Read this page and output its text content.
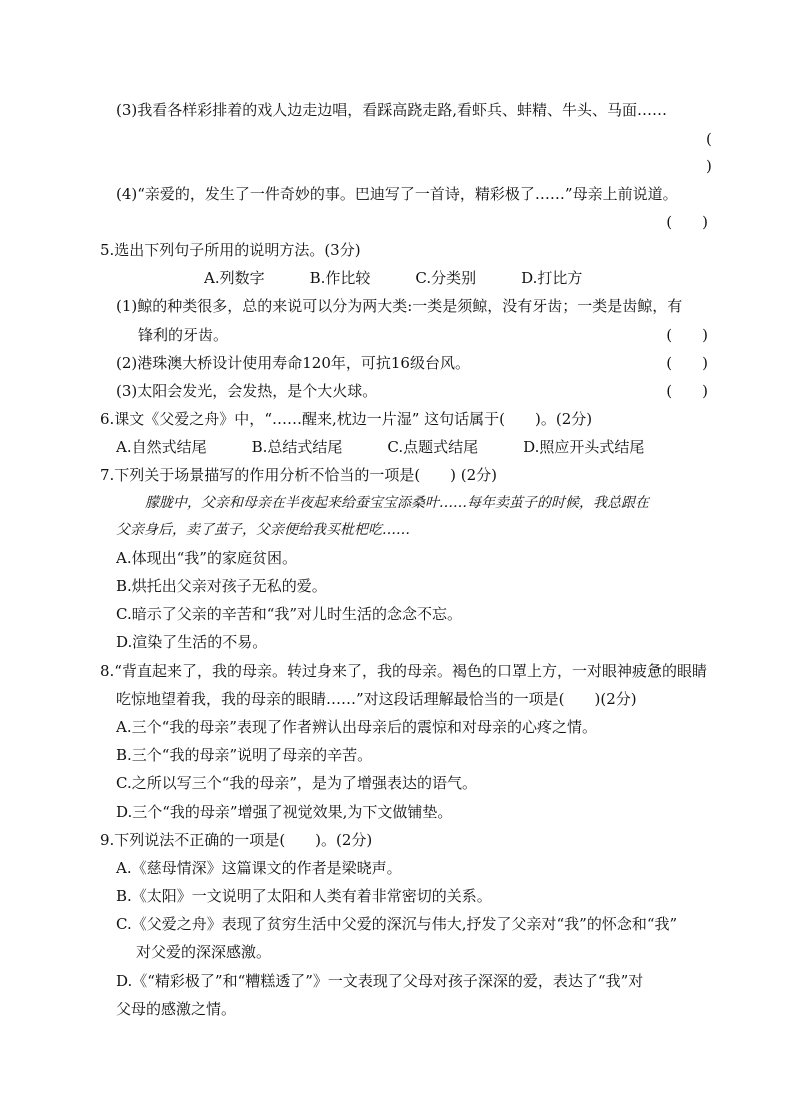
(3)我看各样彩排着的戏人边走边唱，看踩高跷走路,看虾兵、蚌精、牛头、马面……
(
)
(4)“亲爱的，发生了一件奇妙的事。巴迪写了一首诗，精彩极了……”母亲上前说道。
(　　)
5.选出下列句子所用的说明方法。(3分)
A.列数字　　　B.作比较　　　C.分类别　　　D.打比方
(1)鲸的种类很多，总的来说可以分为两大类:一类是须鲸，没有牙齿；一类是齿鲸，有
锋利的牙齿。	(　　)
(2)港珠澳大桥设计使用寿命120年，可抗16级台风。	(　　)
(3)太阳会发光，会发热，是个大火球。	(　　)
6.课文《父爱之舟》中，“……醒来,枕边一片湿” 这句话属于(　　)。(2分)
A.自然式结尾　　　B.总结式结尾　　　C.点题式结尾　　　D.照应开头式结尾
7.下列关于场景描写的作用分析不恰当的一项是(　　) (2分)
朦胧中，父亲和母亲在半夜起来给蚕宝宝添桑叶……每年卖茧子的时候，我总跟在
父亲身后，卖了茧子，父亲便给我买枇杷吃……
A.体现出“我”的家庭贫困。
B.烘托出父亲对孩子无私的爱。
C.暗示了父亲的辛苦和“我”对儿时生活的念念不忘。
D.渲染了生活的不易。
8.“背直起来了，我的母亲。转过身来了，我的母亲。褐色的口罩上方，一对眼神疲惫的眼睛
吃惊地望着我，我的母亲的眼睛……”对这段话理解最恰当的一项是(　　)(2分)
A.三个“我的母亲”表现了作者辨认出母亲后的震惊和对母亲的心疼之情。
B.三个“我的母亲”说明了母亲的辛苦。
C.之所以写三个“我的母亲”，是为了增强表达的语气。
D.三个“我的母亲”增强了视觉效果,为下文做铺垫。
9.下列说法不正确的一项是(　　)。(2分)
A.《慈母情深》这篇课文的作者是梁晓声。
B.《太阳》一文说明了太阳和人类有着非常密切的关系。
C.《父爱之舟》表现了贫穷生活中父爱的深沉与伟大,抒发了父亲对“我”的怀念和“我”
对父爱的深深感激。
D.《“精彩极了”和“糟糕透了”》一文表现了父母对孩子深深的爱，表达了“我”对
父母的感激之情。
